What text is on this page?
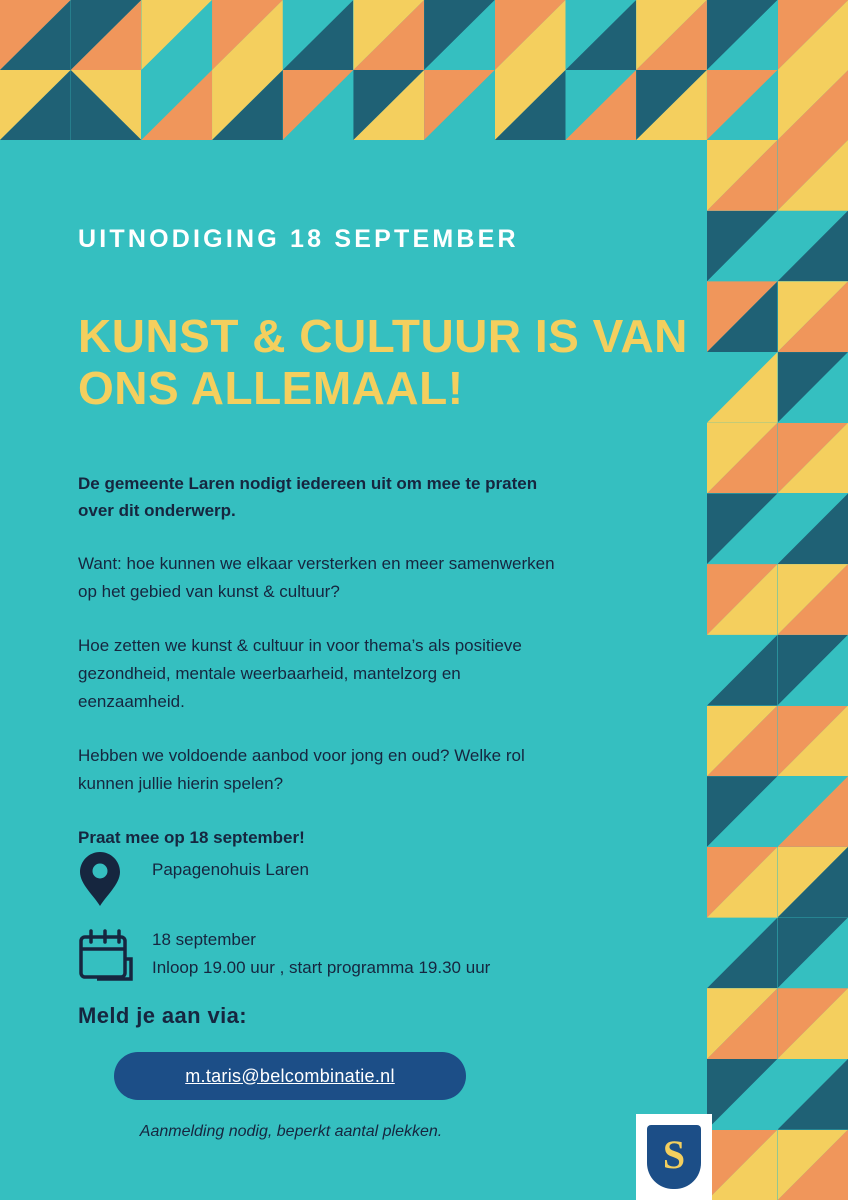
UITNODIGING 18 SEPTEMBER
KUNST & CULTUUR IS VAN ONS ALLEMAAL!

De gemeente Laren nodigt iedereen uit om mee te praten over dit onderwerp.

Want: hoe kunnen we elkaar versterken en meer samenwerken op het gebied van kunst & cultuur?

Hoe zetten we kunst & cultuur in voor thema’s als positieve gezondheid, mentale weerbaarheid, mantelzorg en eenzaamheid.

Hebben we voldoende aanbod voor jong en oud? Welke rol kunnen jullie hierin spelen?

Praat mee op 18 september!

Papagenohuis Laren
18 september
Inloop 19.00 uur , start programma 19.30 uur
Meld je aan via:
m.taris@belcombinatie.nl
Aanmelding nodig, beperkt aantal plekken.
S
